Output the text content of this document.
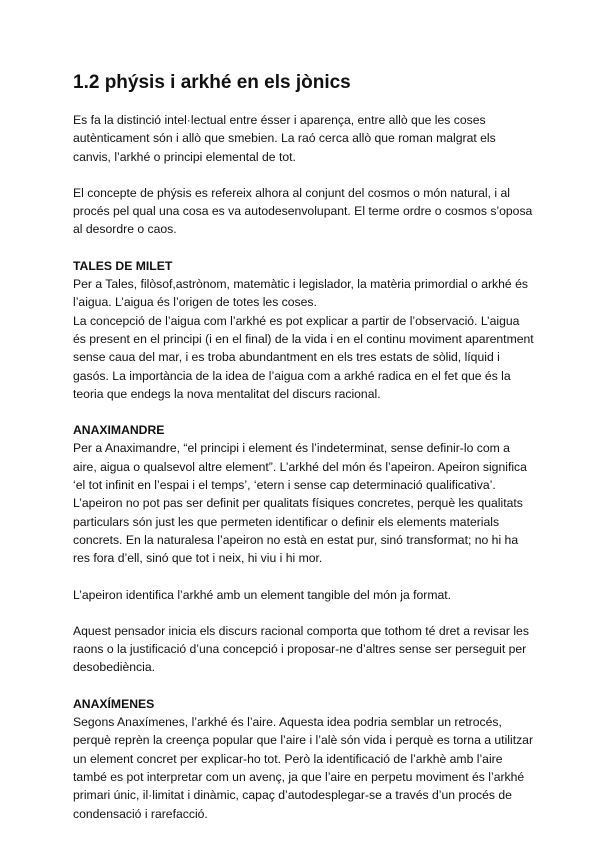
1.2 phýsis i arkhé en els jònics

Es fa la distinció intel·lectual entre ésser i aparença, entre allò que les coses autènticament són i allò que smebien. La raó cerca allò que roman malgrat els canvis, l’arkhé o principi elemental de tot.

El concepte de phýsis es refereix alhora al conjunt del cosmos o món natural, i al procés pel qual una cosa es va autodesenvolupant. El terme ordre o cosmos s’oposa al desordre o caos.

TALES DE MILET

Per a Tales, filòsof,astrònom, matemàtic i legislador, la matèria primordial o arkhé és l’aigua. L’aigua és l’origen de totes les coses.

La concepció de l’aigua com l’arkhé es pot explicar a partir de l’observació. L’aigua és present en el principi (i en el final) de la vida i en el continu moviment aparentment sense caua del mar, i es troba abundantment en els tres estats de sòlid, líquid i gasós. La importància de la idea de l’aigua com a arkhé radica en el fet que és la teoria que endegs la nova mentalitat del discurs racional.

ANAXIMANDRE

Per a Anaximandre, “el principi i element és l’indeterminat, sense definir-lo com a aire, aigua o qualsevol altre element”. L’arkhé del món és l’apeiron. Apeiron significa ‘el tot infinit en l’espai i el temps’, ‘etern i sense cap determinació qualificativa’. L’apeiron no pot pas ser definit per qualitats físiques concretes, perquè les qualitats particulars són just les que permeten identificar o definir els elements materials concrets. En la naturalesa l’apeiron no està en estat pur, sinó transformat; no hi ha res fora d’ell, sinó que tot i neix, hi viu i hi mor.

L’apeiron identifica l’arkhé amb un element tangible del món ja format.

Aquest pensador inicia els discurs racional comporta que tothom té dret a revisar les raons o la justificació d’una concepció i proposar-ne d’altres sense ser perseguit per desobediència.

ANAXÍMENES

Segons Anaxímenes, l’arkhé és l’aire. Aquesta idea podria semblar un retrocés, perquè reprèn la creença popular que l’aire i l’alè són vida i perquè es torna a utilitzar un element concret per explicar-ho tot. Però la identificació de l’arkhè amb l’aire també es pot interpretar com un avenç, ja que l’aire en perpetu moviment és l’arkhé primari únic, il·limitat i dinàmic, capaç d’autodesplegar-se a través d’un procés de condensació i rarefacció.
